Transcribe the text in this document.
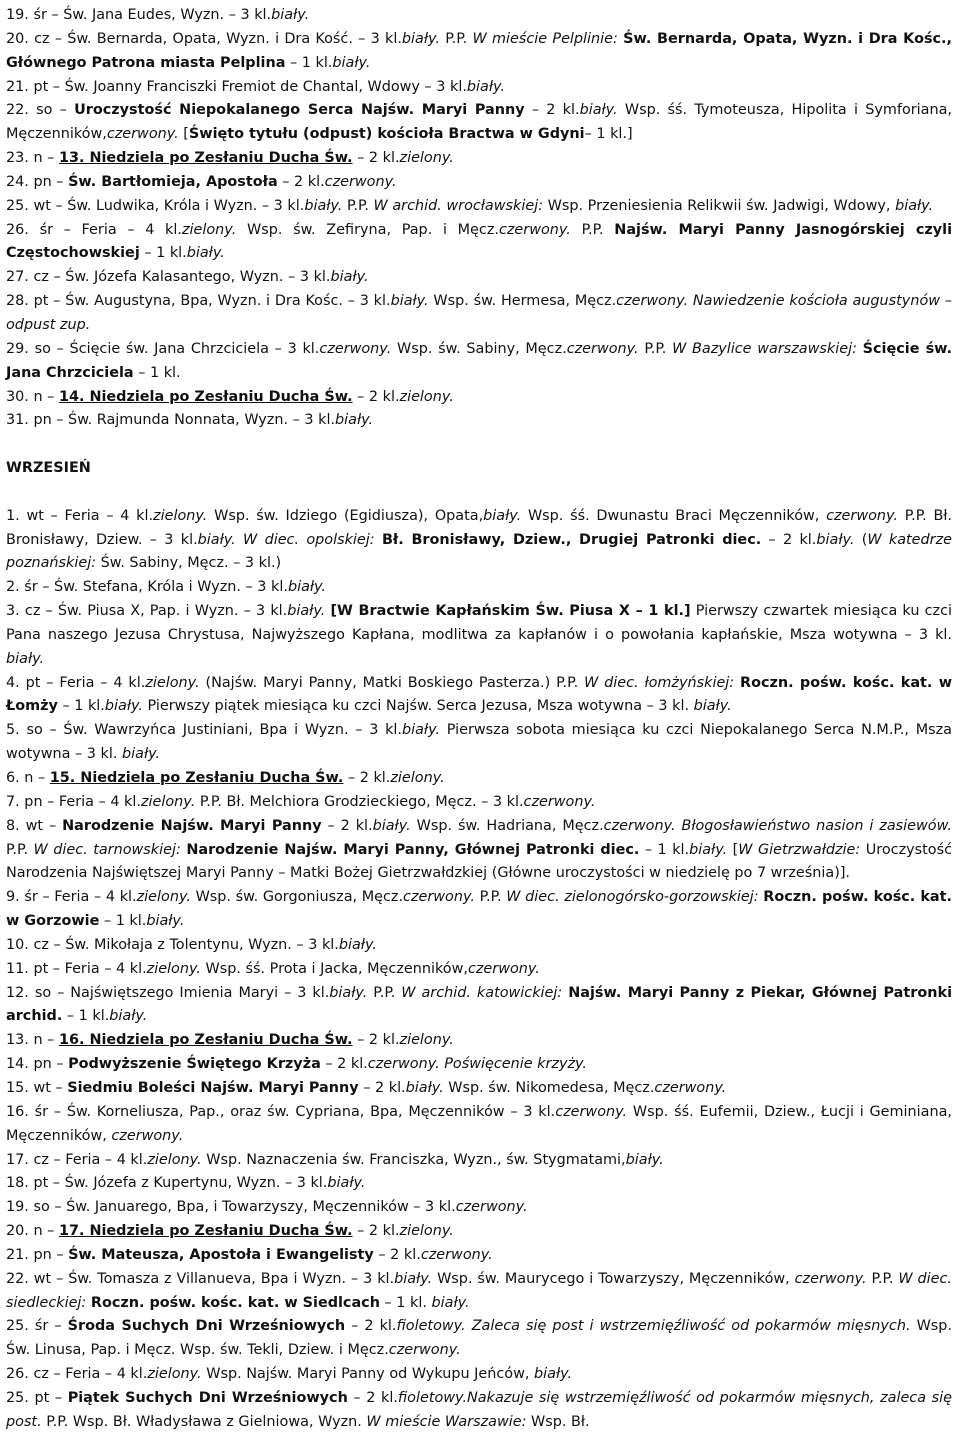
19. śr – Św. Jana Eudes, Wyzn. – 3 kl.biały.

20. cz – Św. Bernarda, Opata, Wyzn. i Dra Kość. – 3 kl.biały. P.P. W mieście Pelplinie: Św. Bernarda, Opata, Wyzn. i Dra Kośc., Głównego Patrona miasta Pelplina – 1 kl.biały.

21. pt – Św. Joanny Franciszki Fremiot de Chantal, Wdowy – 3 kl.biały.

22. so – Uroczystość Niepokalanego Serca Najśw. Maryi Panny – 2 kl.biały. Wsp. śś. Tymoteusza, Hipolita i Symforiana, Męczenników,czerwony. [Święto tytułu (odpust) kościoła Bractwa w Gdyni– 1 kl.]

23. n – 13. Niedziela po Zesłaniu Ducha Św. – 2 kl.zielony.

24. pn – Św. Bartłomieja, Apostoła – 2 kl.czerwony.

25. wt – Św. Ludwika, Króla i Wyzn. – 3 kl.biały. P.P. W archid. wrocławskiej: Wsp. Przeniesienia Relikwii św. Jadwigi, Wdowy, biały.

26. śr – Feria – 4 kl.zielony. Wsp. św. Zefiryna, Pap. i Męcz.czerwony. P.P. Najśw. Maryi Panny Jasnogórskiej czyli Częstochowskiej – 1 kl.biały.

27. cz – Św. Józefa Kalasantego, Wyzn. – 3 kl.biały.

28. pt – Św. Augustyna, Bpa, Wyzn. i Dra Kośc. – 3 kl.biały. Wsp. św. Hermesa, Męcz.czerwony. Nawiedzenie kościoła augustynów – odpust zup.

29. so – Ścięcie św. Jana Chrzciciela – 3 kl.czerwony. Wsp. św. Sabiny, Męcz.czerwony. P.P. W Bazylice warszawskiej: Ścięcie św. Jana Chrzciciela – 1 kl.

30. n – 14. Niedziela po Zesłaniu Ducha Św. – 2 kl.zielony.

31. pn – Św. Rajmunda Nonnata, Wyzn. – 3 kl.biały.

WRZESIEŃ

1. wt – Feria – 4 kl.zielony. Wsp. św. Idziego (Egidiusza), Opata,biały. Wsp. śś. Dwunastu Braci Męczenników, czerwony. P.P. Bł. Bronisławy, Dziew. – 3 kl.biały. W diec. opolskiej: Bł. Bronisławy, Dziew., Drugiej Patronki diec. – 2 kl.biały. (W katedrze poznańskiej: Św. Sabiny, Męcz. – 3 kl.)

2. śr – Św. Stefana, Króla i Wyzn. – 3 kl.biały.

3. cz – Św. Piusa X, Pap. i Wyzn. – 3 kl.biały. [W Bractwie Kapłańskim Św. Piusa X – 1 kl.] Pierwszy czwartek miesiąca ku czci Pana naszego Jezusa Chrystusa, Najwyższego Kapłana, modlitwa za kapłanów i o powołania kapłańskie, Msza wotywna – 3 kl. biały.

4. pt – Feria – 4 kl.zielony. (Najśw. Maryi Panny, Matki Boskiego Pasterza.) P.P. W diec. łomżyńskiej: Roczn. pośw. kośc. kat. w Łomży – 1 kl.biały. Pierwszy piątek miesiąca ku czci Najśw. Serca Jezusa, Msza wotywna – 3 kl. biały.

5. so – Św. Wawrzyńca Justiniani, Bpa i Wyzn. – 3 kl.biały. Pierwsza sobota miesiąca ku czci Niepokalanego Serca N.M.P., Msza wotywna – 3 kl. biały.

6. n – 15. Niedziela po Zesłaniu Ducha Św. – 2 kl.zielony.

7. pn – Feria – 4 kl.zielony. P.P. Bł. Melchiora Grodzieckiego, Męcz. – 3 kl.czerwony.

8. wt – Narodzenie Najśw. Maryi Panny – 2 kl.biały. Wsp. św. Hadriana, Męcz.czerwony. Błogosławieństwo nasion i zasiewów. P.P. W diec. tarnowskiej: Narodzenie Najśw. Maryi Panny, Głównej Patronki diec. – 1 kl.biały. [W Gietrzwałdzie: Uroczystość Narodzenia Najświętszej Maryi Panny – Matki Bożej Gietrzwałdzkiej (Główne uroczystości w niedzielę po 7 września)].

9. śr – Feria – 4 kl.zielony. Wsp. św. Gorgoniusza, Męcz.czerwony. P.P. W diec. zielonogórsko-gorzowskiej: Roczn. pośw. kośc. kat. w Gorzowie – 1 kl.biały.

10. cz – Św. Mikołaja z Tolentynu, Wyzn. – 3 kl.biały.

11. pt – Feria – 4 kl.zielony. Wsp. śś. Prota i Jacka, Męczenników,czerwony.

12. so – Najświętszego Imienia Maryi – 3 kl.biały. P.P. W archid. katowickiej: Najśw. Maryi Panny z Piekar, Głównej Patronki archid. – 1 kl.biały.

13. n – 16. Niedziela po Zesłaniu Ducha Św. – 2 kl.zielony.

14. pn – Podwyższenie Świętego Krzyża – 2 kl.czerwony. Poświęcenie krzyży.

15. wt – Siedmiu Boleści Najśw. Maryi Panny – 2 kl.biały. Wsp. św. Nikomedesa, Męcz.czerwony.

16. śr – Św. Korneliusza, Pap., oraz św. Cypriana, Bpa, Męczenników – 3 kl.czerwony. Wsp. śś. Eufemii, Dziew., Łucji i Geminiana, Męczenników, czerwony.

17. cz – Feria – 4 kl.zielony. Wsp. Naznaczenia św. Franciszka, Wyzn., św. Stygmatami,biały.

18. pt – Św. Józefa z Kupertynu, Wyzn. – 3 kl.biały.

19. so – Św. Januarego, Bpa, i Towarzyszy, Męczenników – 3 kl.czerwony.

20. n – 17. Niedziela po Zesłaniu Ducha Św. – 2 kl.zielony.

21. pn – Św. Mateusza, Apostoła i Ewangelisty – 2 kl.czerwony.

22. wt – Św. Tomasza z Villanueva, Bpa i Wyzn. – 3 kl.biały. Wsp. św. Maurycego i Towarzyszy, Męczenników, czerwony. P.P. W diec. siedleckiej: Roczn. pośw. kośc. kat. w Siedlcach – 1 kl. biały.

25. śr – Środa Suchych Dni Wrześniowych – 2 kl.fioletowy. Zaleca się post i wstrzemięźliwość od pokarmów mięsnych. Wsp. Św. Linusa, Pap. i Męcz. Wsp. św. Tekli, Dziew. i Męcz.czerwony.

26. cz – Feria – 4 kl.zielony. Wsp. Najśw. Maryi Panny od Wykupu Jeńców, biały.

25. pt – Piątek Suchych Dni Wrześniowych – 2 kl.fioletowy.Nakazuje się wstrzemięźliwość od pokarmów mięsnych, zaleca się post. P.P. Wsp. Bł. Władysława z Gielniowa, Wyzn. W mieście Warszawie: Wsp. Bł.
